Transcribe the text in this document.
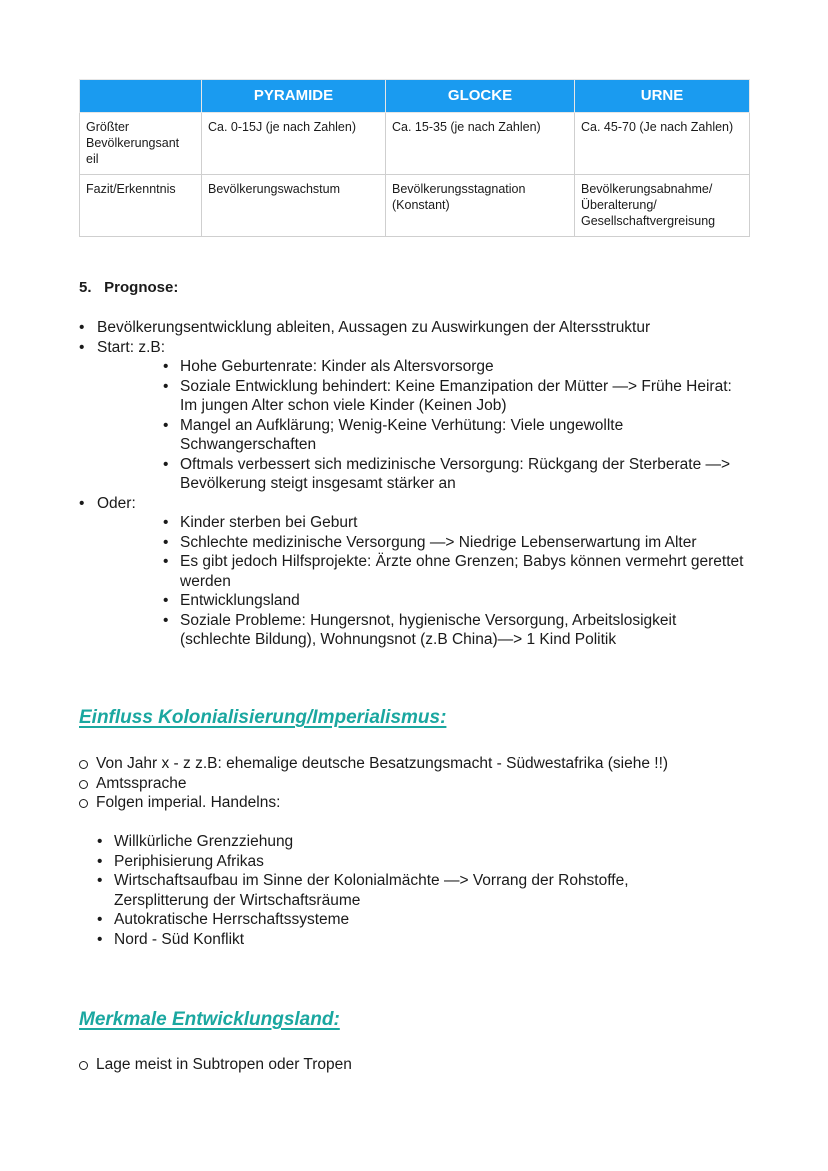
	PYRAMIDE	GLOCKE	URNE
Größter Bevölkerungsant eil	Ca. 0-15J (je nach Zahlen)	Ca. 15-35 (je nach Zahlen)	Ca. 45-70 (Je nach Zahlen)
Fazit/Erkenntnis	Bevölkerungswachstum	Bevölkerungsstagnation (Konstant)	Bevölkerungsabnahme/ Überalterung/ Gesellschaftvergreisung
5. Prognose:
• Bevölkerungsentwicklung ableiten, Aussagen zu Auswirkungen der Altersstruktur
• Start: z.B:
• Hohe Geburtenrate: Kinder als Altersvorsorge
• Soziale Entwicklung behindert: Keine Emanzipation der Mütter —> Frühe Heirat: Im jungen Alter schon viele Kinder (Keinen Job)
• Mangel an Aufklärung; Wenig-Keine Verhütung: Viele ungewollte Schwangerschaften
• Oftmals verbessert sich medizinische Versorgung: Rückgang der Sterberate —> Bevölkerung steigt insgesamt stärker an
• Oder:
• Kinder sterben bei Geburt
• Schlechte medizinische Versorgung —> Niedrige Lebenserwartung im Alter
• Es gibt jedoch Hilfsprojekte: Ärzte ohne Grenzen; Babys können vermehrt gerettet werden
• Entwicklungsland
• Soziale Probleme: Hungersnot, hygienische Versorgung, Arbeitslosigkeit (schlechte Bildung), Wohnungsnot (z.B China)—> 1 Kind Politik
Einfluss Kolonialisierung/Imperialismus:
Von Jahr x - z z.B: ehemalige deutsche Besatzungsmacht - Südwestafrika (siehe !!)
Amtssprache
Folgen imperial. Handelns:
• Willkürliche Grenzziehung
• Periphisierung Afrikas
• Wirtschaftsaufbau im Sinne der Kolonialmächte —> Vorrang der Rohstoffe, Zersplitterung der Wirtschaftsräume
• Autokratische Herrschaftssysteme
• Nord - Süd Konflikt
Merkmale Entwicklungsland:
Lage meist in Subtropen oder Tropen
